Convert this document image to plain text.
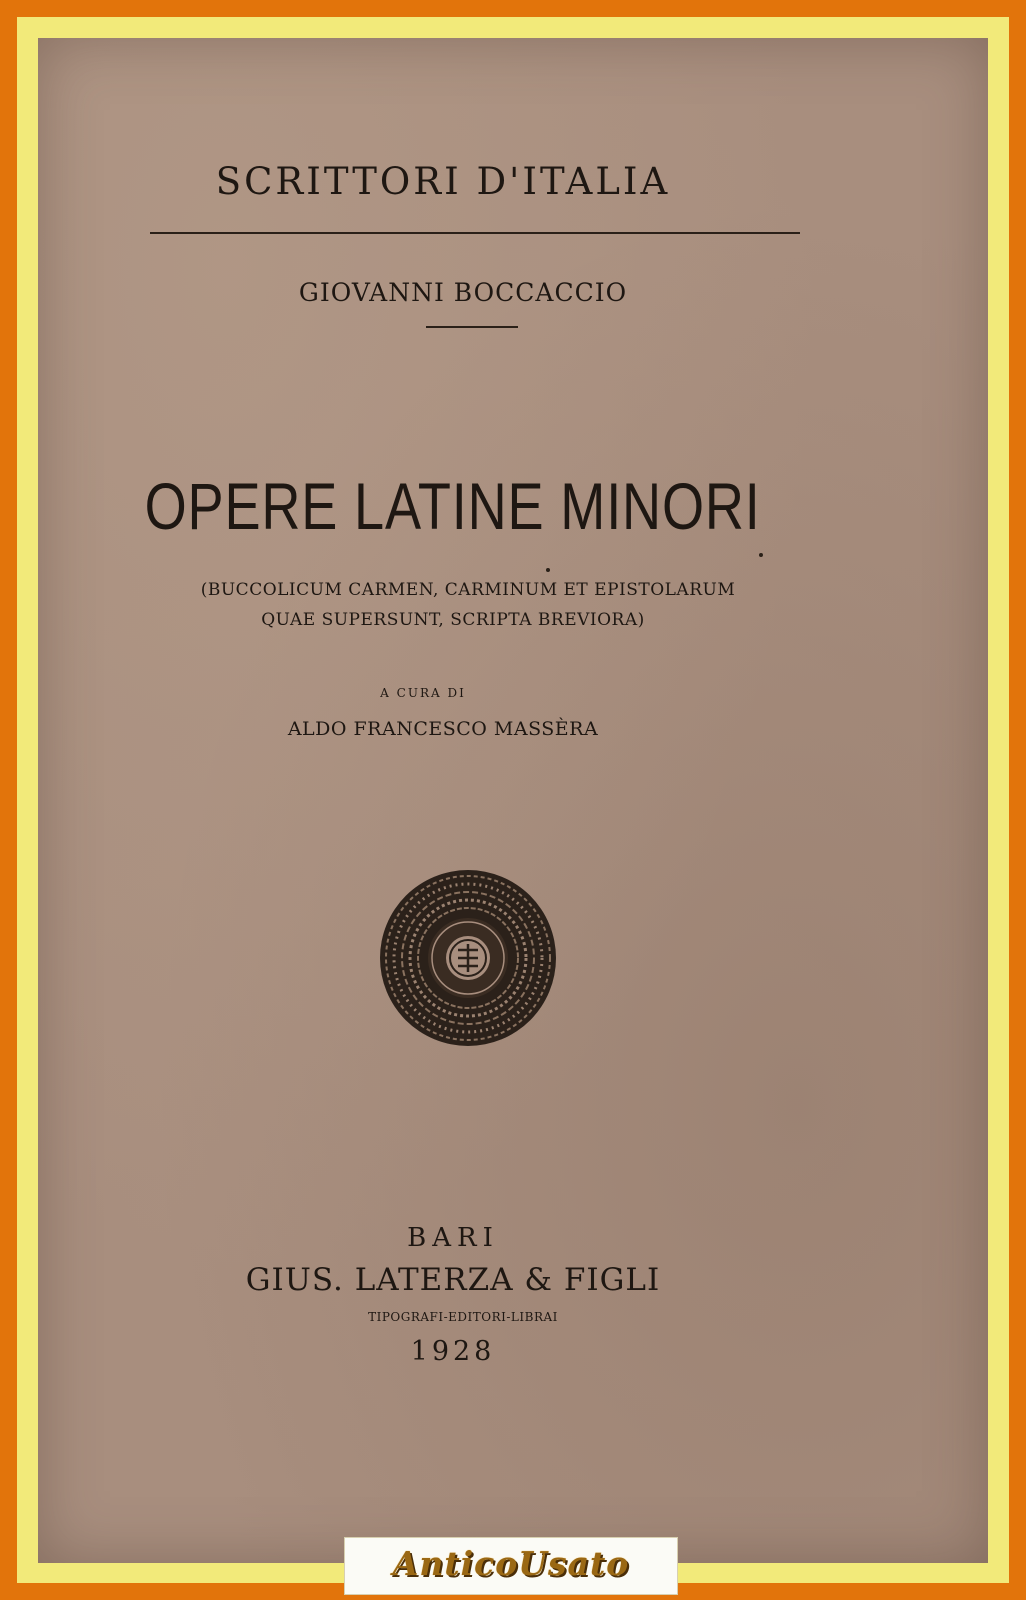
SCRITTORI D'ITALIA
GIOVANNI BOCCACCIO
OPERE LATINE MINORI
(BUCCOLICUM CARMEN, CARMINUM ET EPISTOLARUM
QUAE SUPERSUNT, SCRIPTA BREVIORA)
A CURA DI
ALDO FRANCESCO MASSÈRA
BARI
GIUS. LATERZA & FIGLI
TIPOGRAFI-EDITORI-LIBRAI
1928
AnticoUsato
